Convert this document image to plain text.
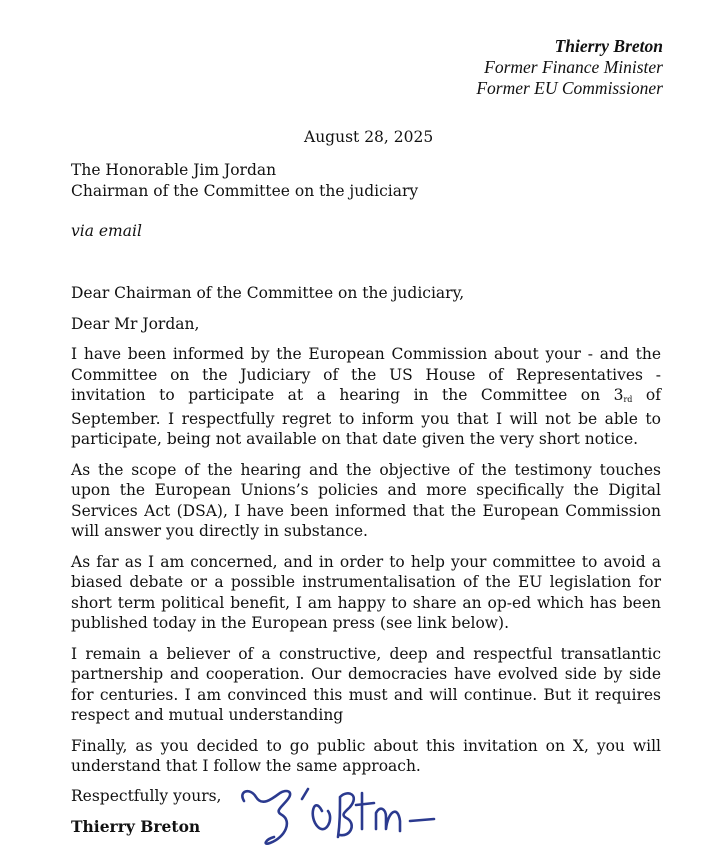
Thierry Breton
Former Finance Minister
Former EU Commissioner
August 28, 2025
The Honorable Jim Jordan
Chairman of the Committee on the judiciary
via email

Dear Chairman of the Committee on the judiciary,

Dear Mr Jordan,

I have been informed by the European Commission about your - and the Committee on the Judiciary of the US House of Representatives - invitation to participate at a hearing in the Committee on 3rd of September. I respectfully regret to inform you that I will not be able to participate, being not available on that date given the very short notice.

As the scope of the hearing and the objective of the testimony touches upon the European Unions’s policies and more specifically the Digital Services Act (DSA), I have been informed that the European Commission will answer you directly in substance.

As far as I am concerned, and in order to help your committee to avoid a biased debate or a possible instrumentalisation of the EU legislation for short term political benefit, I am happy to share an op-ed which has been published today in the European press (see link below).

I remain a believer of a constructive, deep and respectful transatlantic partnership and cooperation. Our democracies have evolved side by side for centuries. I am convinced this must and will continue. But it requires respect and mutual understanding

Finally, as you decided to go public about this invitation on X, you will understand that I follow the same approach.

Respectfully yours,
Thierry Breton
